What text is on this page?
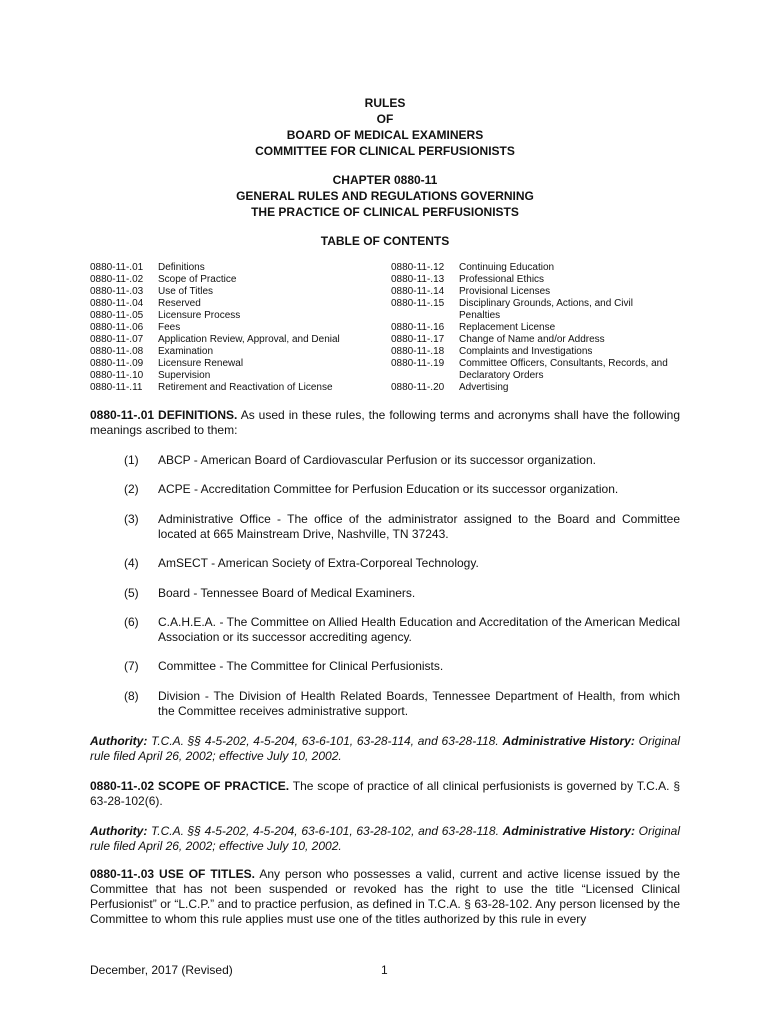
RULES
OF
BOARD OF MEDICAL EXAMINERS
COMMITTEE FOR CLINICAL PERFUSIONISTS
CHAPTER 0880-11
GENERAL RULES AND REGULATIONS GOVERNING
THE PRACTICE OF CLINICAL PERFUSIONISTS
TABLE OF CONTENTS
0880-11-.01	Definitions
0880-11-.02	Scope of Practice
0880-11-.03	Use of Titles
0880-11-.04	Reserved
0880-11-.05	Licensure Process
0880-11-.06	Fees
0880-11-.07	Application Review, Approval, and Denial
0880-11-.08	Examination
0880-11-.09	Licensure Renewal
0880-11-.10	Supervision
0880-11-.11	Retirement and Reactivation of License
0880-11-.12	Continuing Education
0880-11-.13	Professional Ethics
0880-11-.14	Provisional Licenses
0880-11-.15	Disciplinary Grounds, Actions, and Civil
Penalties
0880-11-.16	Replacement License
0880-11-.17	Change of Name and/or Address
0880-11-.18	Complaints and Investigations
0880-11-.19	Committee Officers, Consultants, Records, and
Declaratory Orders
0880-11-.20	Advertising
0880-11-.01 DEFINITIONS. As used in these rules, the following terms and acronyms shall have the following meanings ascribed to them:
(1) ABCP - American Board of Cardiovascular Perfusion or its successor organization.
(2) ACPE - Accreditation Committee for Perfusion Education or its successor organization.
(3) Administrative Office - The office of the administrator assigned to the Board and Committee located at 665 Mainstream Drive, Nashville, TN 37243.
(4) AmSECT - American Society of Extra-Corporeal Technology.
(5) Board - Tennessee Board of Medical Examiners.
(6) C.A.H.E.A. - The Committee on Allied Health Education and Accreditation of the American Medical Association or its successor accrediting agency.
(7) Committee - The Committee for Clinical Perfusionists.
(8) Division - The Division of Health Related Boards, Tennessee Department of Health, from which the Committee receives administrative support.
Authority: T.C.A. §§ 4-5-202, 4-5-204, 63-6-101, 63-28-114, and 63-28-118. Administrative History: Original rule filed April 26, 2002; effective July 10, 2002.
0880-11-.02 SCOPE OF PRACTICE. The scope of practice of all clinical perfusionists is governed by T.C.A. § 63-28-102(6).
Authority: T.C.A. §§ 4-5-202, 4-5-204, 63-6-101, 63-28-102, and 63-28-118. Administrative History: Original rule filed April 26, 2002; effective July 10, 2002.
0880-11-.03 USE OF TITLES. Any person who possesses a valid, current and active license issued by the Committee that has not been suspended or revoked has the right to use the title “Licensed Clinical Perfusionist” or “L.C.P.” and to practice perfusion, as defined in T.C.A. § 63-28-102. Any person licensed by the Committee to whom this rule applies must use one of the titles authorized by this rule in every
December, 2017 (Revised)	1
